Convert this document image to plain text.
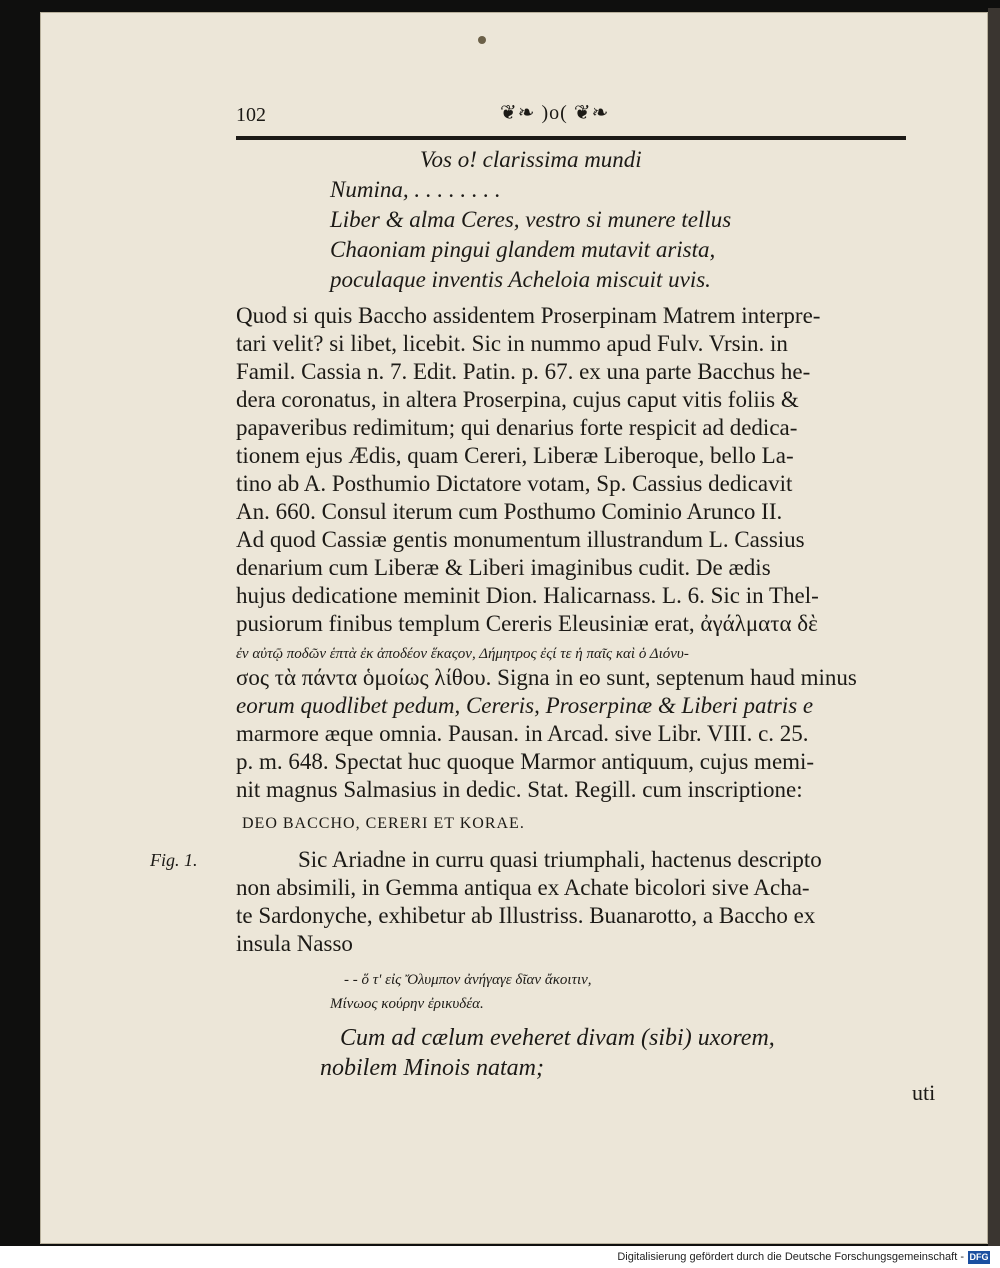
102	❦❧ )o( ❦❧
Vos o! clarissima mundi
Numina, . . . . . . . .
Liber & alma Ceres, vestro si munere tellus
Chaoniam pingui glandem mutavit arista,
poculaque inventis Acheloia miscuit uvis.
Quod si quis Baccho assidentem Proserpinam Matrem interpre-
tari velit? si libet, licebit. Sic in nummo apud Fulv. Vrsin. in
Famil. Cassia n. 7. Edit. Patin. p. 67. ex una parte Bacchus he-
dera coronatus, in altera Proserpina, cujus caput vitis foliis &
papaveribus redimitum; qui denarius forte respicit ad dedica-
tionem ejus Ædis, quam Cereri, Liberæ Liberoque, bello La-
tino ab A. Posthumio Dictatore votam, Sp. Cassius dedicavit
An. 660. Consul iterum cum Posthumo Cominio Arunco II.
Ad quod Cassiæ gentis monumentum illustrandum L. Cassius
denarium cum Liberæ & Liberi imaginibus cudit. De ædis
hujus dedicatione meminit Dion. Halicarnass. L. 6. Sic in Thel-
pusiorum finibus templum Cereris Eleusiniæ erat, ἀγάλματα δὲ
ἐν αὐτῷ ποδῶν ἑπτὰ ἐκ ἀποδέον ἕκαςον, Δήμητρος ἐςί τε ἡ παῖς καὶ ὁ Διόνυ-
σος τὰ πάντα ὁμοίως λίθου. Signa in eo sunt, septenum haud minus
eorum quodlibet pedum, Cereris, Proserpinæ & Liberi patris e
marmore æque omnia. Pausan. in Arcad. sive Libr. VIII. c. 25.
p. m. 648. Spectat huc quoque Marmor antiquum, cujus memi-
nit magnus Salmasius in dedic. Stat. Regill. cum inscriptione:
DEO BACCHO, CERERI ET KORAE.
Fig. 1.	Sic Ariadne in curru quasi triumphali, hactenus descripto
non absimili, in Gemma antiqua ex Achate bicolori sive Acha-
te Sardonyche, exhibetur ab Illustriss. Buanarotto, a Baccho ex
insula Nasso
- - ὅ τ' εἰς Ὄλυμπον ἀνήγαγε δῖαν ἄκοιτιν,
Μίνωος κούρην ἐρικυδέα.
Cum ad cælum eveheret divam (sibi) uxorem,
nobilem Minois natam;
uti
Digitalisierung gefördert durch die Deutsche Forschungsgemeinschaft - DFG
